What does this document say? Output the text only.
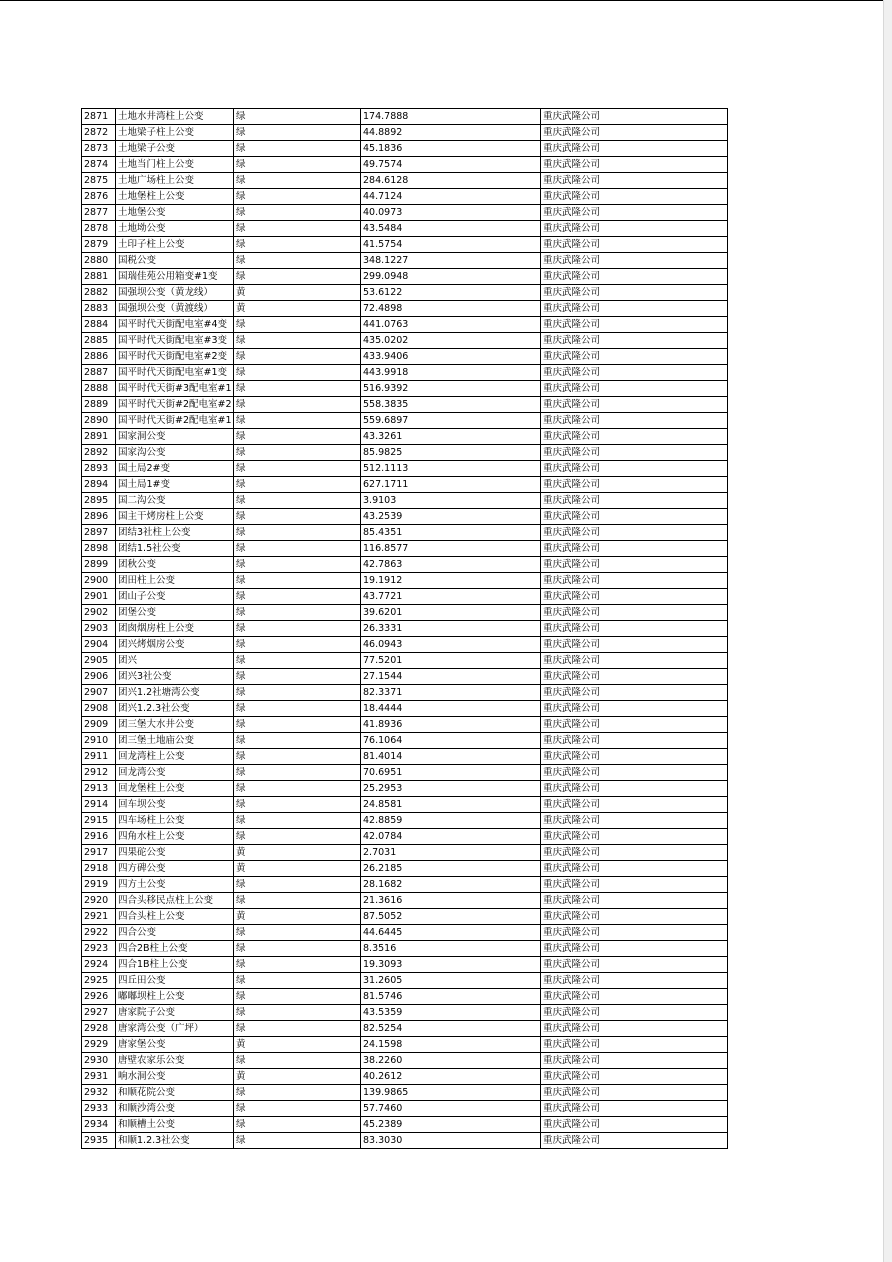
2871	土地水井湾柱上公变	绿	174.7888	重庆武隆公司
2872	土地梁子柱上公变	绿	44.8892	重庆武隆公司
2873	土地梁子公变	绿	45.1836	重庆武隆公司
2874	土地当门柱上公变	绿	49.7574	重庆武隆公司
2875	土地广场柱上公变	绿	284.6128	重庆武隆公司
2876	土地堡柱上公变	绿	44.7124	重庆武隆公司
2877	土地堡公变	绿	40.0973	重庆武隆公司
2878	土地坳公变	绿	43.5484	重庆武隆公司
2879	土印子柱上公变	绿	41.5754	重庆武隆公司
2880	国税公变	绿	348.1227	重庆武隆公司
2881	国瑞佳苑公用箱变#1变	绿	299.0948	重庆武隆公司
2882	国强坝公变（黄龙线）	黄	53.6122	重庆武隆公司
2883	国强坝公变（黄渡线）	黄	72.4898	重庆武隆公司
2884	国平时代天街配电室#4变	绿	441.0763	重庆武隆公司
2885	国平时代天街配电室#3变	绿	435.0202	重庆武隆公司
2886	国平时代天街配电室#2变	绿	433.9406	重庆武隆公司
2887	国平时代天街配电室#1变	绿	443.9918	重庆武隆公司
2888	国平时代天街#3配电室#1	绿	516.9392	重庆武隆公司
2889	国平时代天街#2配电室#2	绿	558.3835	重庆武隆公司
2890	国平时代天街#2配电室#1	绿	559.6897	重庆武隆公司
2891	国家洞公变	绿	43.3261	重庆武隆公司
2892	国家沟公变	绿	85.9825	重庆武隆公司
2893	国土局2#变	绿	512.1113	重庆武隆公司
2894	国土局1#变	绿	627.1711	重庆武隆公司
2895	国二沟公变	绿	3.9103	重庆武隆公司
2896	国主干烤房柱上公变	绿	43.2539	重庆武隆公司
2897	团结3社柱上公变	绿	85.4351	重庆武隆公司
2898	团结1.5社公变	绿	116.8577	重庆武隆公司
2899	团秋公变	绿	42.7863	重庆武隆公司
2900	团田柱上公变	绿	19.1912	重庆武隆公司
2901	团山子公变	绿	43.7721	重庆武隆公司
2902	团堡公变	绿	39.6201	重庆武隆公司
2903	团囱烟房柱上公变	绿	26.3331	重庆武隆公司
2904	团兴烤烟房公变	绿	46.0943	重庆武隆公司
2905	团兴	绿	77.5201	重庆武隆公司
2906	团兴3社公变	绿	27.1544	重庆武隆公司
2907	团兴1.2社塘湾公变	绿	82.3371	重庆武隆公司
2908	团兴1.2.3社公变	绿	18.4444	重庆武隆公司
2909	团三堡大水井公变	绿	41.8936	重庆武隆公司
2910	团三堡土地庙公变	绿	76.1064	重庆武隆公司
2911	回龙湾柱上公变	绿	81.4014	重庆武隆公司
2912	回龙湾公变	绿	70.6951	重庆武隆公司
2913	回龙堡柱上公变	绿	25.2953	重庆武隆公司
2914	回车坝公变	绿	24.8581	重庆武隆公司
2915	四车场柱上公变	绿	42.8859	重庆武隆公司
2916	四角水柱上公变	绿	42.0784	重庆武隆公司
2917	四果砣公变	黄	2.7031	重庆武隆公司
2918	四方碑公变	黄	26.2185	重庆武隆公司
2919	四方土公变	绿	28.1682	重庆武隆公司
2920	四合头移民点柱上公变	绿	21.3616	重庆武隆公司
2921	四合头柱上公变	黄	87.5052	重庆武隆公司
2922	四合公变	绿	44.6445	重庆武隆公司
2923	四合2B柱上公变	绿	8.3516	重庆武隆公司
2924	四合1B柱上公变	绿	19.3093	重庆武隆公司
2925	四丘田公变	绿	31.2605	重庆武隆公司
2926	嘟嘟坝柱上公变	绿	81.5746	重庆武隆公司
2927	唐家院子公变	绿	43.5359	重庆武隆公司
2928	唐家湾公变（广坪）	绿	82.5254	重庆武隆公司
2929	唐家堡公变	黄	24.1598	重庆武隆公司
2930	唐壁农家乐公变	绿	38.2260	重庆武隆公司
2931	响水洞公变	黄	40.2612	重庆武隆公司
2932	和顺花院公变	绿	139.9865	重庆武隆公司
2933	和顺沙湾公变	绿	57.7460	重庆武隆公司
2934	和顺槽土公变	绿	45.2389	重庆武隆公司
2935	和顺1.2.3社公变	绿	83.3030	重庆武隆公司
